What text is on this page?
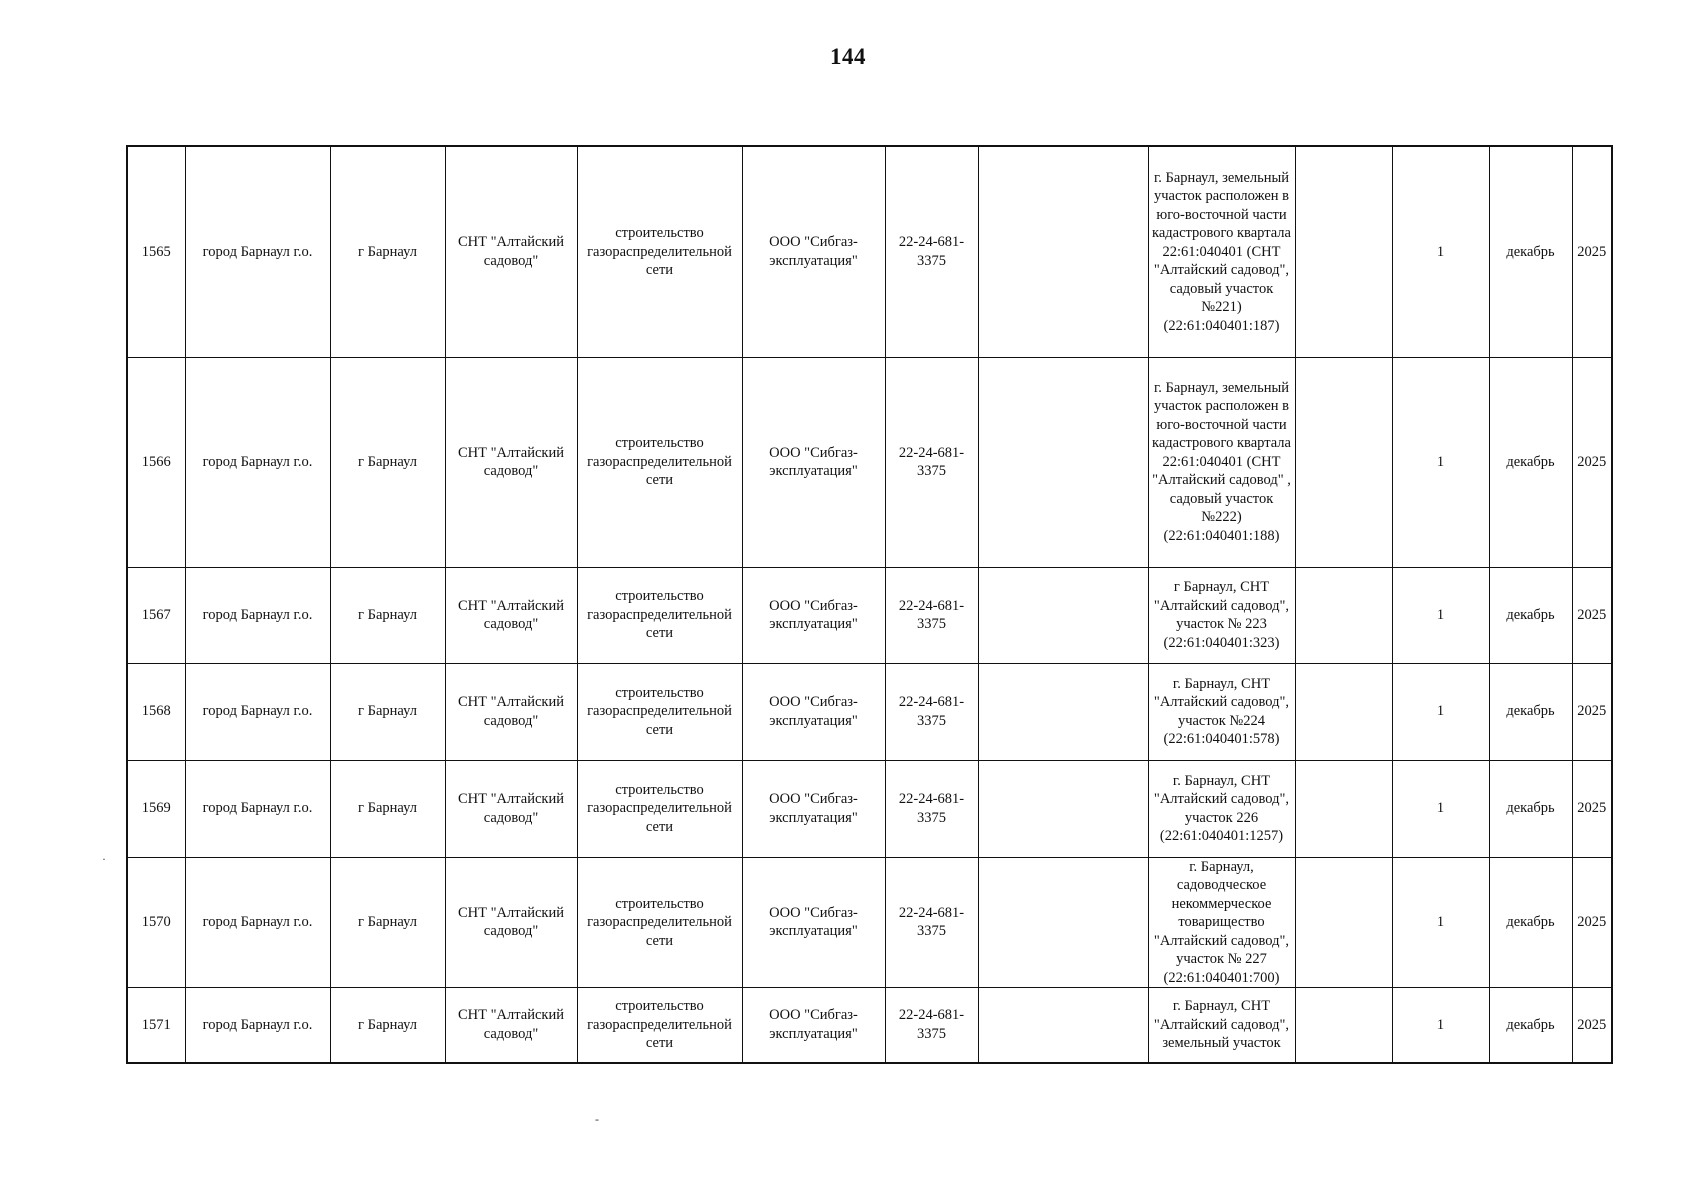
144
1565	город Барнаул г.о.	г Барнаул	СНТ "Алтайский садовод"	строительство газораспределительной сети	ООО "Сибгаз-эксплуатация"	22-24-681-3375		г. Барнаул, земельный участок расположен в юго-восточной части кадастрового квартала 22:61:040401 (СНТ "Алтайский садовод", садовый участок №221) (22:61:040401:187)		1	декабрь	2025
1566	город Барнаул г.о.	г Барнаул	СНТ "Алтайский садовод"	строительство газораспределительной сети	ООО "Сибгаз-эксплуатация"	22-24-681-3375		г. Барнаул, земельный участок расположен в юго-восточной части кадастрового квартала 22:61:040401 (СНТ "Алтайский садовод" , садовый участок №222) (22:61:040401:188)		1	декабрь	2025
1567	город Барнаул г.о.	г Барнаул	СНТ "Алтайский садовод"	строительство газораспределительной сети	ООО "Сибгаз-эксплуатация"	22-24-681-3375		г Барнаул, СНТ "Алтайский садовод", участок № 223 (22:61:040401:323)		1	декабрь	2025
1568	город Барнаул г.о.	г Барнаул	СНТ "Алтайский садовод"	строительство газораспределительной сети	ООО "Сибгаз-эксплуатация"	22-24-681-3375		г. Барнаул, СНТ "Алтайский садовод", участок №224 (22:61:040401:578)		1	декабрь	2025
1569	город Барнаул г.о.	г Барнаул	СНТ "Алтайский садовод"	строительство газораспределительной сети	ООО "Сибгаз-эксплуатация"	22-24-681-3375		г. Барнаул, СНТ "Алтайский садовод", участок 226 (22:61:040401:1257)		1	декабрь	2025
1570	город Барнаул г.о.	г Барнаул	СНТ "Алтайский садовод"	строительство газораспределительной сети	ООО "Сибгаз-эксплуатация"	22-24-681-3375		г. Барнаул, садоводческое некоммерческое товарищество "Алтайский садовод", участок № 227 (22:61:040401:700)		1	декабрь	2025
1571	город Барнаул г.о.	г Барнаул	СНТ "Алтайский садовод"	строительство газораспределительной сети	ООО "Сибгаз-эксплуатация"	22-24-681-3375		г. Барнаул, СНТ "Алтайский садовод", земельный участок		1	декабрь	2025
·
-
